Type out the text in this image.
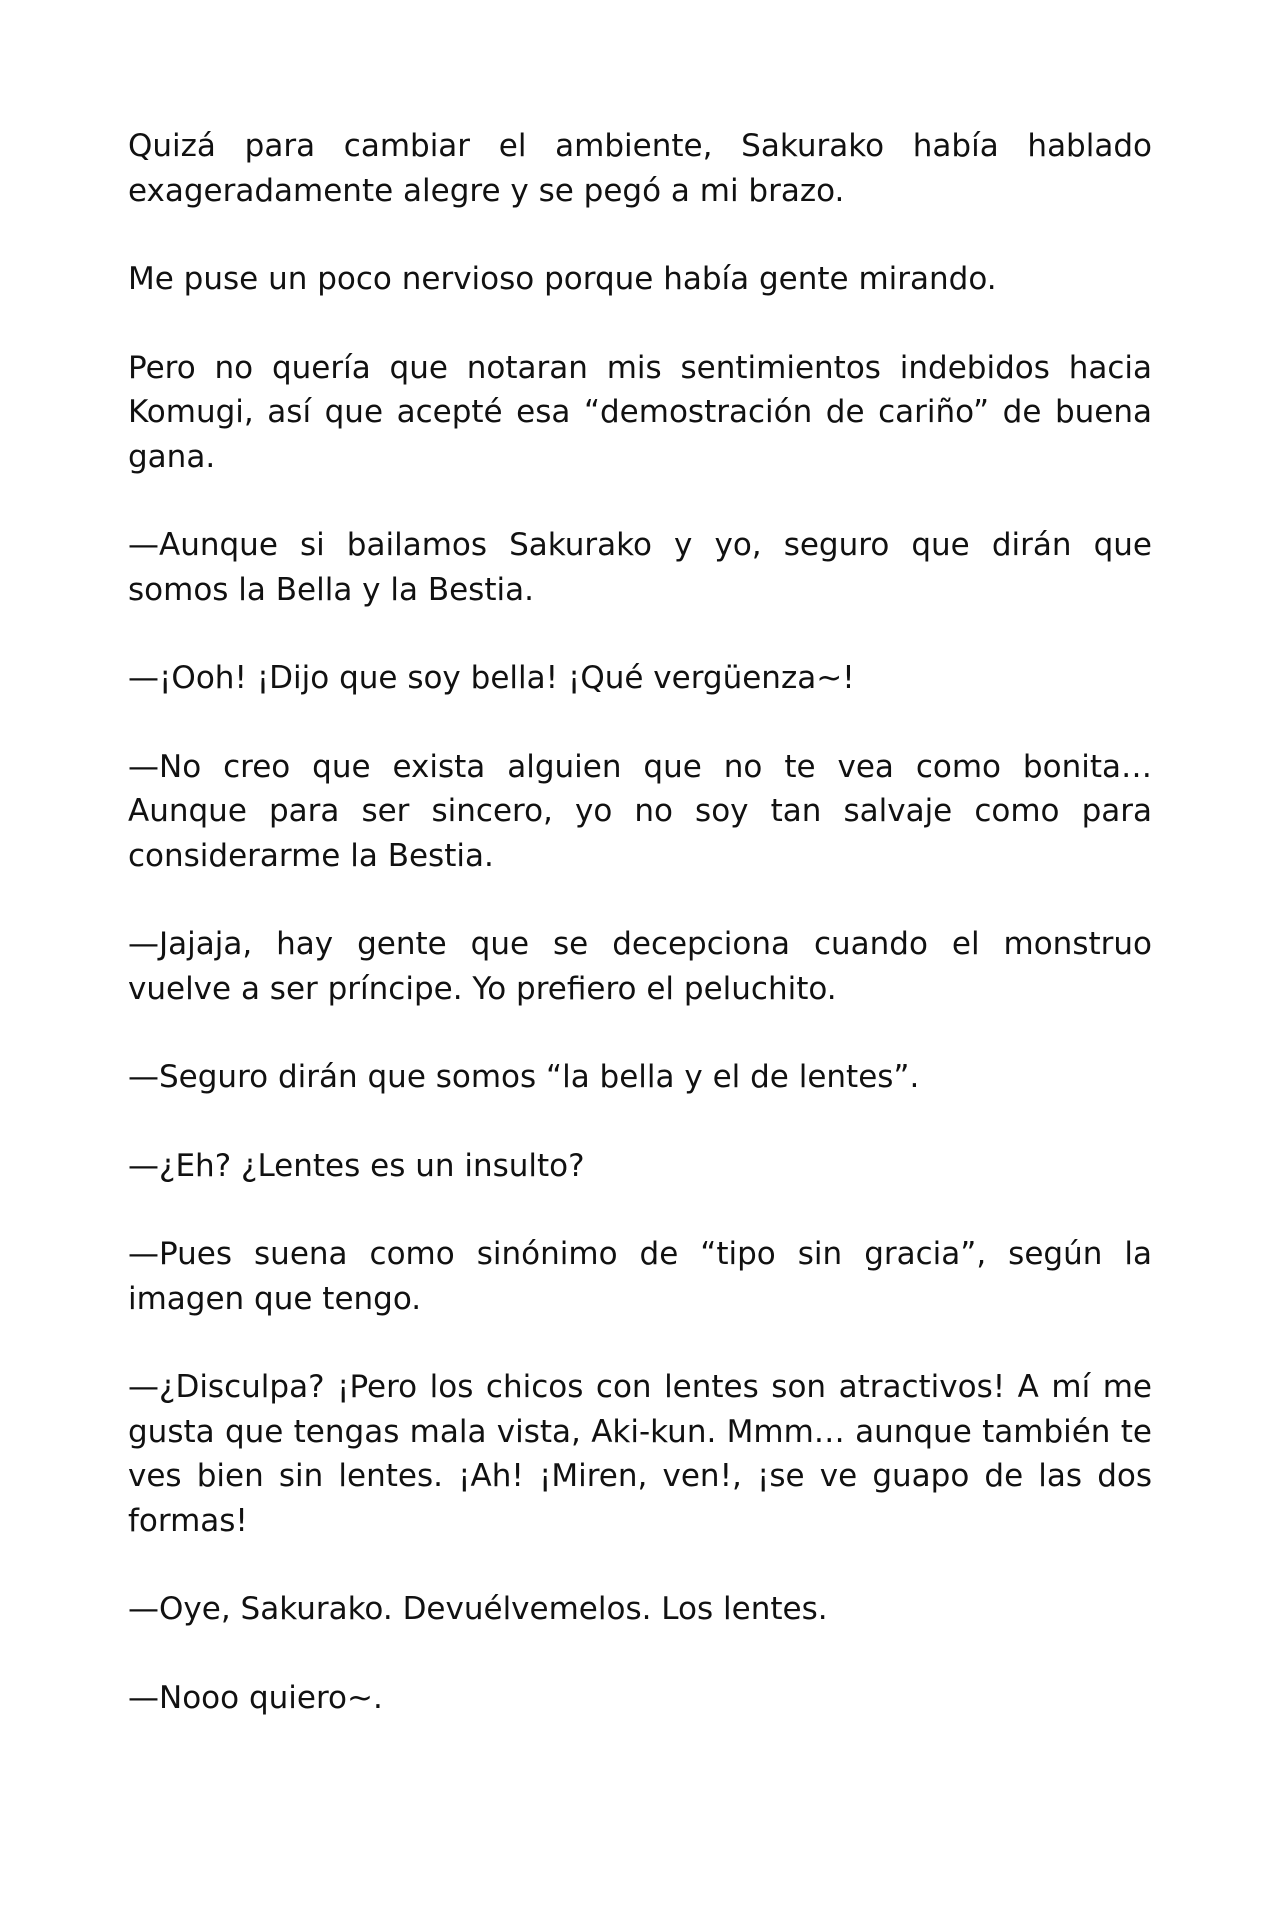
Quizá para cambiar el ambiente, Sakurako había hablado exageradamente alegre y se pegó a mi brazo.

Me puse un poco nervioso porque había gente mirando.

Pero no quería que notaran mis sentimientos indebidos hacia Komugi, así que acepté esa “demostración de cariño” de buena gana.

—Aunque si bailamos Sakurako y yo, seguro que dirán que somos la Bella y la Bestia.

—¡Ooh! ¡Dijo que soy bella! ¡Qué vergüenza~!

—No creo que exista alguien que no te vea como bonita… Aunque para ser sincero, yo no soy tan salvaje como para considerarme la Bestia.

—Jajaja, hay gente que se decepciona cuando el monstruo vuelve a ser príncipe. Yo prefiero el peluchito.

—Seguro dirán que somos “la bella y el de lentes”.

—¿Eh? ¿Lentes es un insulto?

—Pues suena como sinónimo de “tipo sin gracia”, según la imagen que tengo.

—¿Disculpa? ¡Pero los chicos con lentes son atractivos! A mí me gusta que tengas mala vista, Aki-kun. Mmm… aunque también te ves bien sin lentes. ¡Ah! ¡Miren, ven!, ¡se ve guapo de las dos formas!

—Oye, Sakurako. Devuélvemelos. Los lentes.

—Nooo quiero~.
